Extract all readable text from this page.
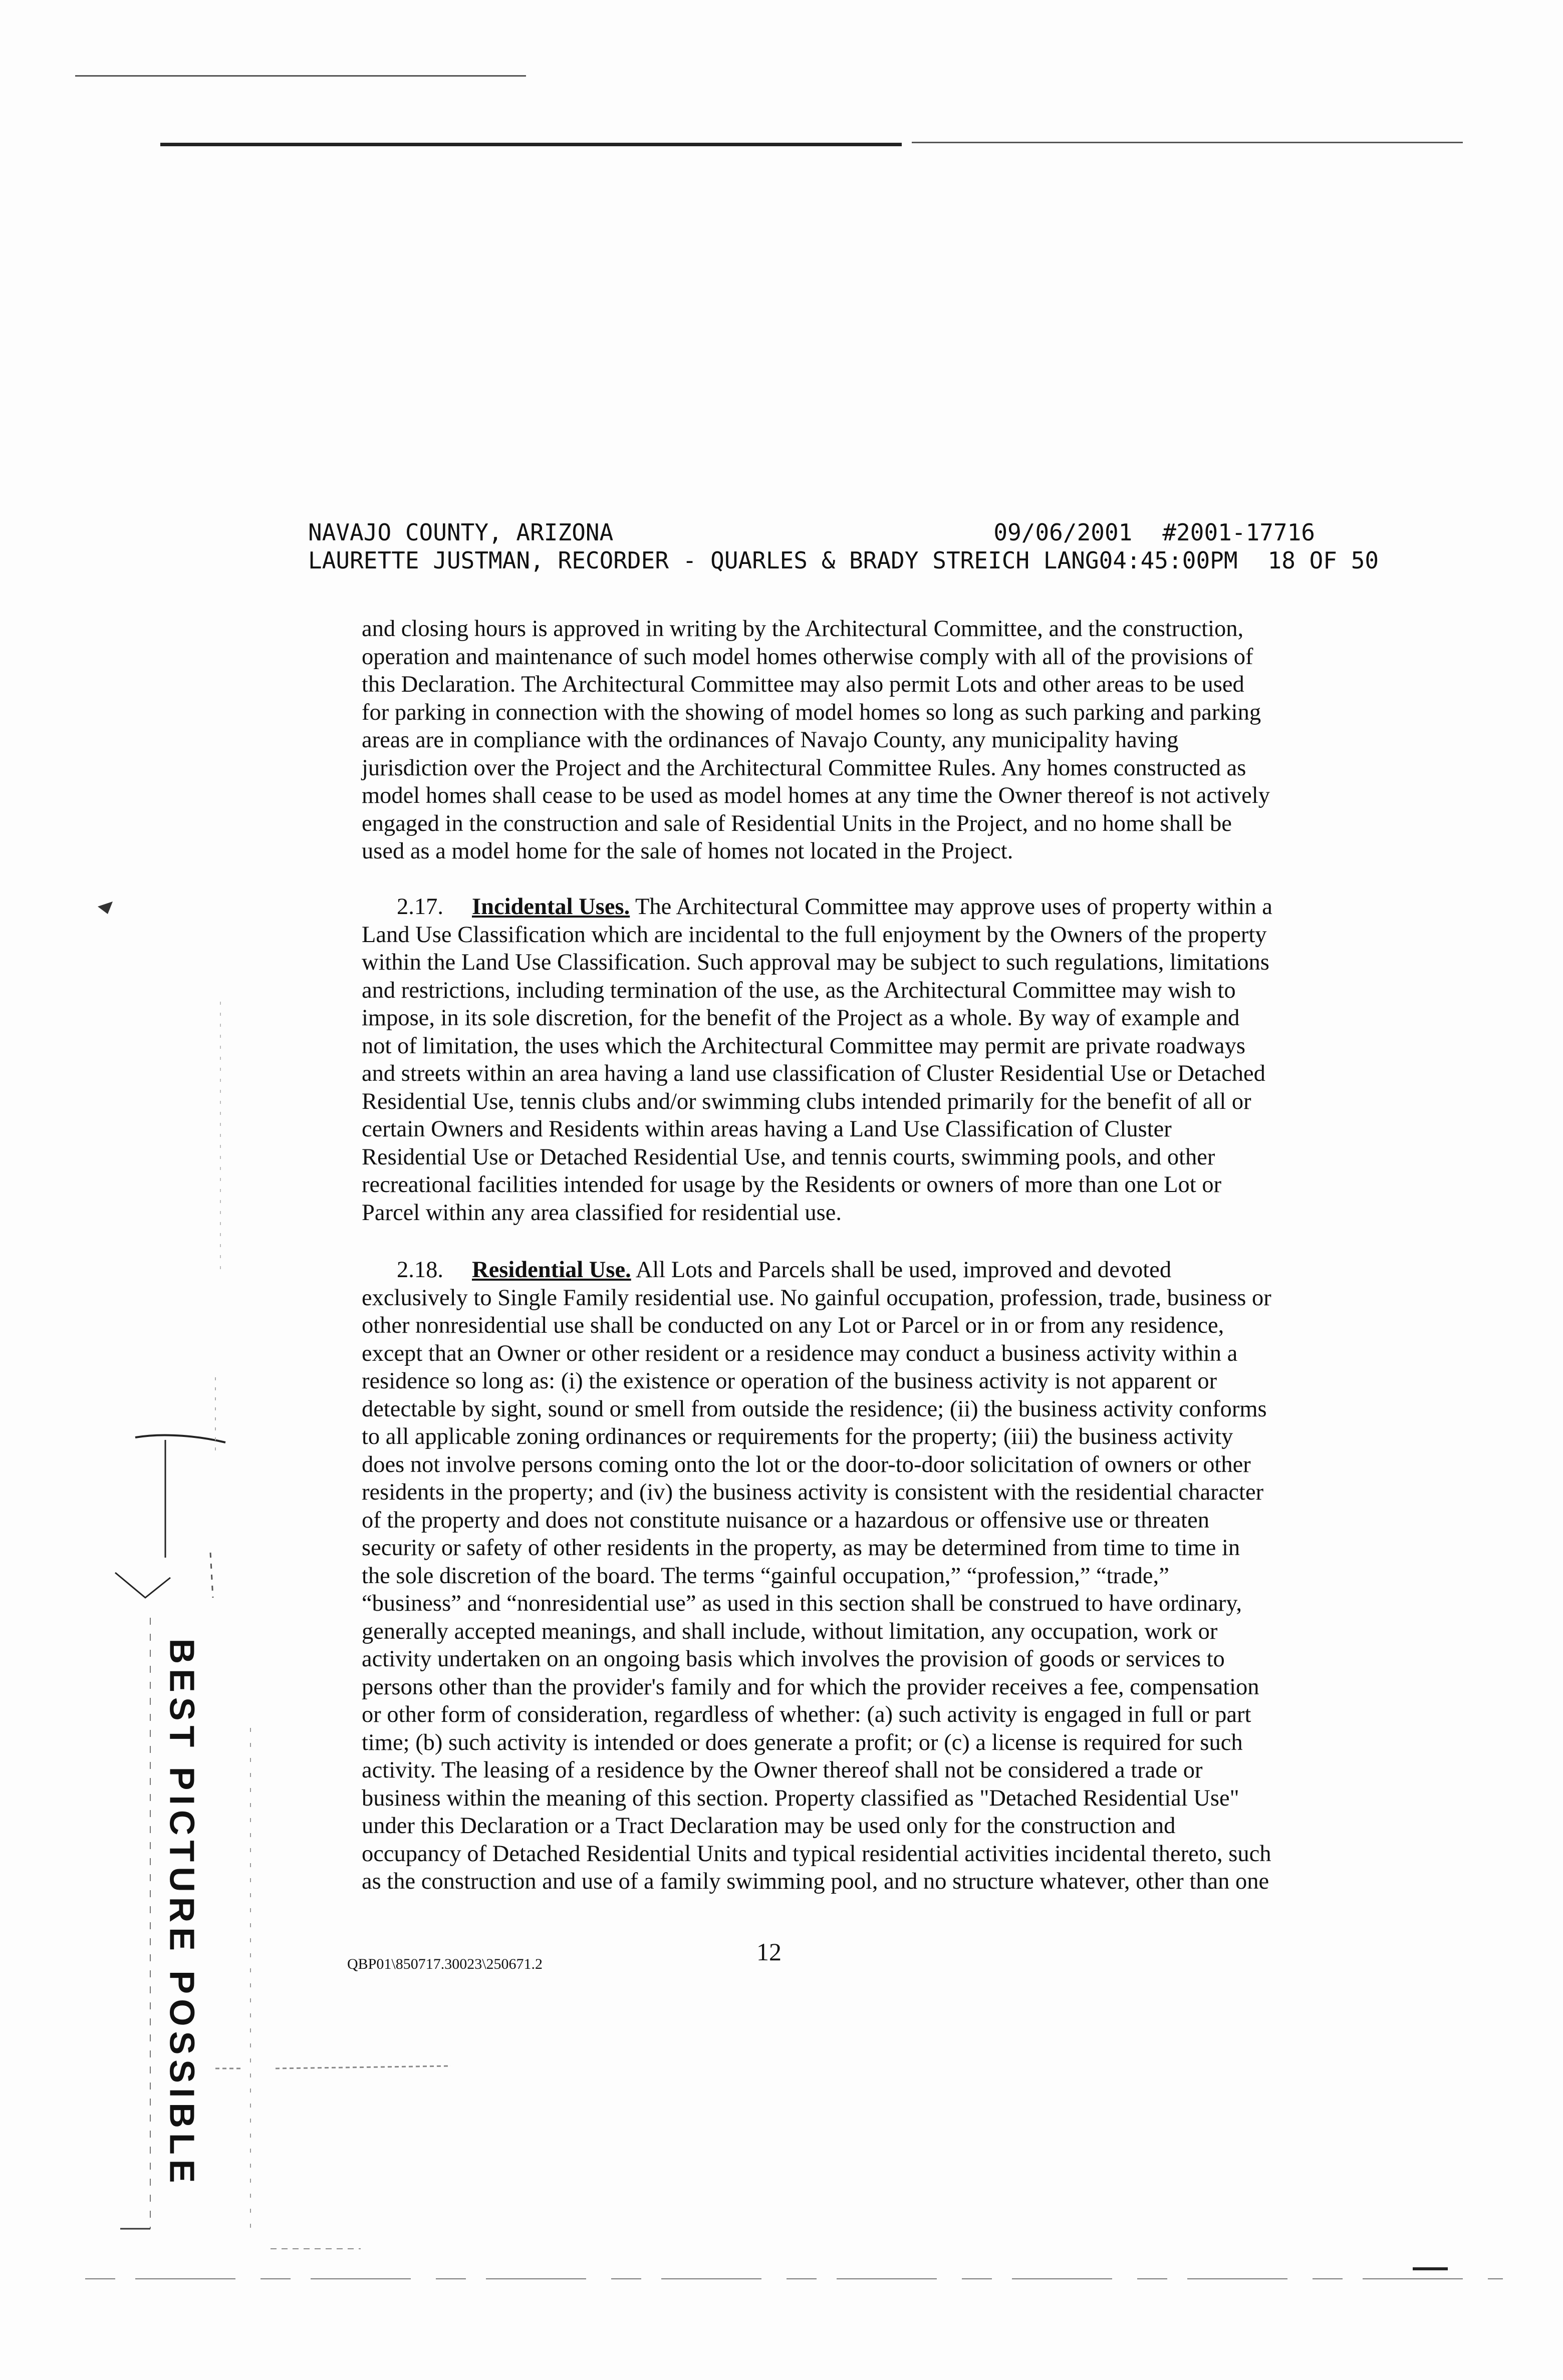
NAVAJO COUNTY, ARIZONA	09/06/2001 #2001-17716
LAURETTE JUSTMAN, RECORDER - QUARLES & BRADY STREICH LANG 04:45:00PM 18 OF 50

and closing hours is approved in writing by the Architectural Committee, and the construction, operation and maintenance of such model homes otherwise comply with all of the provisions of this Declaration. The Architectural Committee may also permit Lots and other areas to be used for parking in connection with the showing of model homes so long as such parking and parking areas are in compliance with the ordinances of Navajo County, any municipality having jurisdiction over the Project and the Architectural Committee Rules. Any homes constructed as model homes shall cease to be used as model homes at any time the Owner thereof is not actively engaged in the construction and sale of Residential Units in the Project, and no home shall be used as a model home for the sale of homes not located in the Project.

2.17. Incidental Uses. The Architectural Committee may approve uses of property within a Land Use Classification which are incidental to the full enjoyment by the Owners of the property within the Land Use Classification. Such approval may be subject to such regulations, limitations and restrictions, including termination of the use, as the Architectural Committee may wish to impose, in its sole discretion, for the benefit of the Project as a whole. By way of example and not of limitation, the uses which the Architectural Committee may permit are private roadways and streets within an area having a land use classification of Cluster Residential Use or Detached Residential Use, tennis clubs and/or swimming clubs intended primarily for the benefit of all or certain Owners and Residents within areas having a Land Use Classification of Cluster Residential Use or Detached Residential Use, and tennis courts, swimming pools, and other recreational facilities intended for usage by the Residents or owners of more than one Lot or Parcel within any area classified for residential use.

2.18. Residential Use. All Lots and Parcels shall be used, improved and devoted exclusively to Single Family residential use. No gainful occupation, profession, trade, business or other nonresidential use shall be conducted on any Lot or Parcel or in or from any residence, except that an Owner or other resident or a residence may conduct a business activity within a residence so long as: (i) the existence or operation of the business activity is not apparent or detectable by sight, sound or smell from outside the residence; (ii) the business activity conforms to all applicable zoning ordinances or requirements for the property; (iii) the business activity does not involve persons coming onto the lot or the door-to-door solicitation of owners or other residents in the property; and (iv) the business activity is consistent with the residential character of the property and does not constitute nuisance or a hazardous or offensive use or threaten security or safety of other residents in the property, as may be determined from time to time in the sole discretion of the board. The terms “gainful occupation,” “profession,” “trade,” “business” and “nonresidential use” as used in this section shall be construed to have ordinary, generally accepted meanings, and shall include, without limitation, any occupation, work or activity undertaken on an ongoing basis which involves the provision of goods or services to persons other than the provider's family and for which the provider receives a fee, compensation or other form of consideration, regardless of whether: (a) such activity is engaged in full or part time; (b) such activity is intended or does generate a profit; or (c) a license is required for such activity. The leasing of a residence by the Owner thereof shall not be considered a trade or business within the meaning of this section. Property classified as "Detached Residential Use" under this Declaration or a Tract Declaration may be used only for the construction and occupancy of Detached Residential Units and typical residential activities incidental thereto, such as the construction and use of a family swimming pool, and no structure whatever, other than one

QBP01\850717.30023\250671.2	12
BEST PICTURE POSSIBLE
